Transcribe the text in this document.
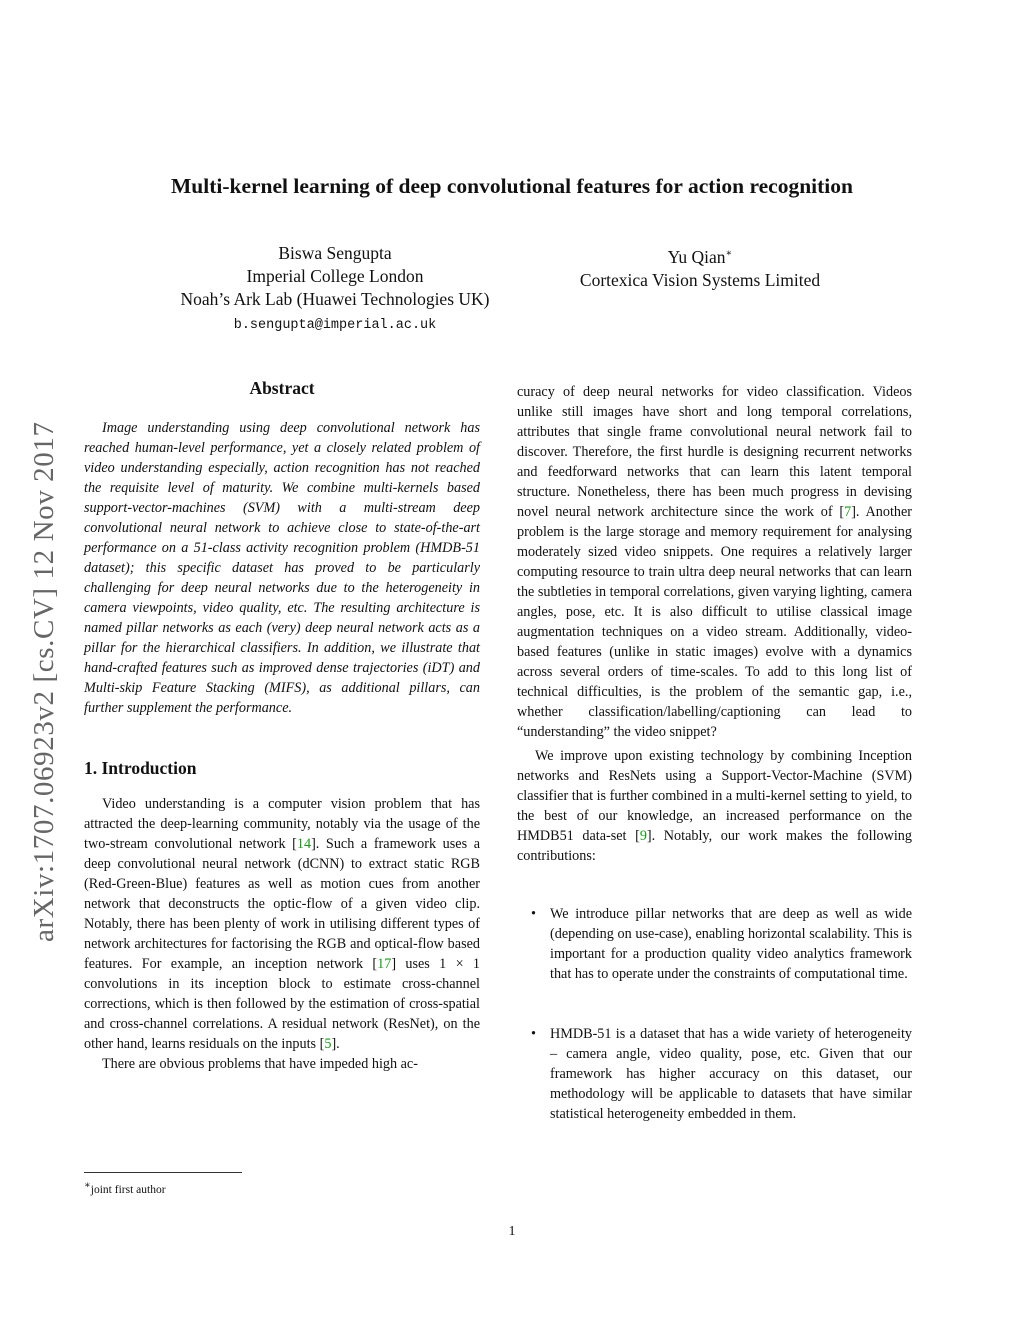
arXiv:1707.06923v2 [cs.CV] 12 Nov 2017
Multi-kernel learning of deep convolutional features for action recognition
Biswa Sengupta
Imperial College London
Noah’s Ark Lab (Huawei Technologies UK)
b.sengupta@imperial.ac.uk
Yu Qian∗
Cortexica Vision Systems Limited
Abstract

Image understanding using deep convolutional network has reached human-level performance, yet a closely related problem of video understanding especially, action recognition has not reached the requisite level of maturity. We combine multi-kernels based support-vector-machines (SVM) with a multi-stream deep convolutional neural network to achieve close to state-of-the-art performance on a 51-class activity recognition problem (HMDB-51 dataset); this specific dataset has proved to be particularly challenging for deep neural networks due to the heterogeneity in camera viewpoints, video quality, etc. The resulting architecture is named pillar networks as each (very) deep neural network acts as a pillar for the hierarchical classifiers. In addition, we illustrate that hand-crafted features such as improved dense trajectories (iDT) and Multi-skip Feature Stacking (MIFS), as additional pillars, can further supplement the performance.

1. Introduction

Video understanding is a computer vision problem that has attracted the deep-learning community, notably via the usage of the two-stream convolutional network [14]. Such a framework uses a deep convolutional neural network (dCNN) to extract static RGB (Red-Green-Blue) features as well as motion cues from another network that deconstructs the optic-flow of a given video clip. Notably, there has been plenty of work in utilising different types of network architectures for factorising the RGB and optical-flow based features. For example, an inception network [17] uses 1 × 1 convolutions in its inception block to estimate cross-channel corrections, which is then followed by the estimation of cross-spatial and cross-channel correlations. A residual network (ResNet), on the other hand, learns residuals on the inputs [5].

There are obvious problems that have impeded high ac-

curacy of deep neural networks for video classification. Videos unlike still images have short and long temporal correlations, attributes that single frame convolutional neural network fail to discover. Therefore, the first hurdle is designing recurrent networks and feedforward networks that can learn this latent temporal structure. Nonetheless, there has been much progress in devising novel neural network architecture since the work of [7]. Another problem is the large storage and memory requirement for analysing moderately sized video snippets. One requires a relatively larger computing resource to train ultra deep neural networks that can learn the subtleties in temporal correlations, given varying lighting, camera angles, pose, etc. It is also difficult to utilise classical image augmentation techniques on a video stream. Additionally, video-based features (unlike in static images) evolve with a dynamics across several orders of time-scales. To add to this long list of technical difficulties, is the problem of the semantic gap, i.e., whether classification/labelling/captioning can lead to “understanding” the video snippet?

We improve upon existing technology by combining Inception networks and ResNets using a Support-Vector-Machine (SVM) classifier that is further combined in a multi-kernel setting to yield, to the best of our knowledge, an increased performance on the HMDB51 data-set [9]. Notably, our work makes the following contributions:

• We introduce pillar networks that are deep as well as wide (depending on use-case), enabling horizontal scalability. This is important for a production quality video analytics framework that has to operate under the constraints of computational time.
• HMDB-51 is a dataset that has a wide variety of heterogeneity – camera angle, video quality, pose, etc. Given that our framework has higher accuracy on this dataset, our methodology will be applicable to datasets that have similar statistical heterogeneity embedded in them.
∗joint first author
1
